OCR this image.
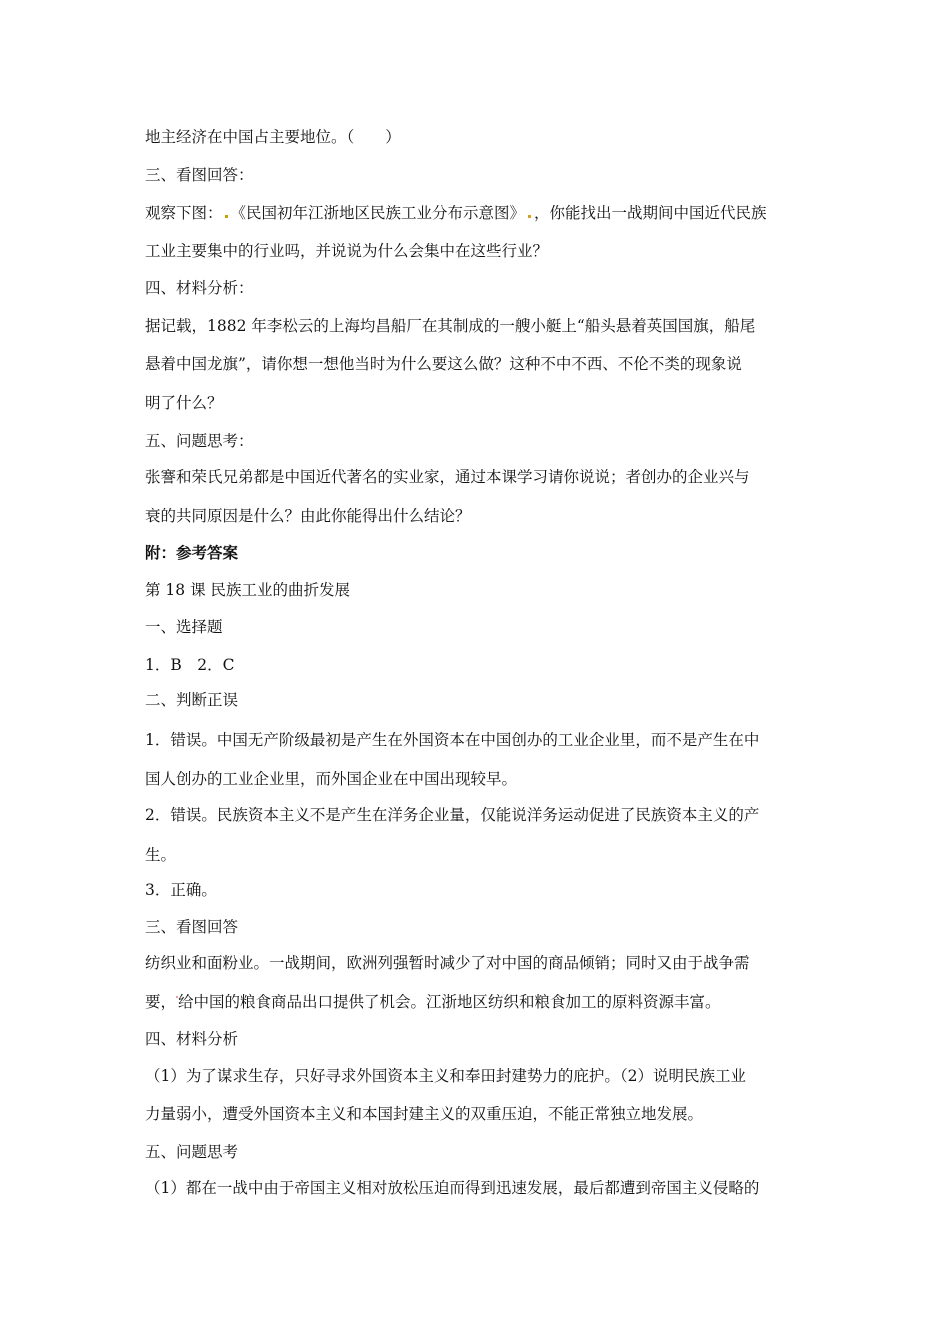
地主经济在中国占主要地位。（　　）
三、看图回答：
观察下图： 《民国初年江浙地区民族工业分布示意图》 ，你能找出一战期间中国近代民族
工业主要集中的行业吗，并说说为什么会集中在这些行业？
四、材料分析：
据记载，1882 年李松云的上海均昌船厂在其制成的一艘小艇上“船头悬着英国国旗，船尾
悬着中国龙旗”，请你想一想他当时为什么要这么做？这种不中不西、不伦不类的现象说
明了什么？
五、问题思考：
张謇和荣氏兄弟都是中国近代著名的实业家，通过本课学习请你说说；者创办的企业兴与
衰的共同原因是什么？由此你能得出什么结论？
附：参考答案
第 18 课 民族工业的曲折发展
一、选择题
1．B　2．C
二、判断正误
1．错误。中国无产阶级最初是产生在外国资本在中国创办的工业企业里，而不是产生在中
国人创办的工业企业里，而外国企业在中国出现较早。
2．错误。民族资本主义不是产生在洋务企业量，仅能说洋务运动促进了民族资本主义的产
生。
3．正确。
三、看图回答
纺织业和面粉业。一战期间，欧洲列强暂时减少了对中国的商品倾销；同时又由于战争需
要， 给中国的粮食商品出口提供了机会。江浙地区纺织和粮食加工的原料资源丰富。
四、材料分析
（1）为了谋求生存，只好寻求外国资本主义和奉田封建势力的庇护。（2）说明民族工业
力量弱小，遭受外国资本主义和本国封建主义的双重压迫，不能正常独立地发展。
五、问题思考
（1）都在一战中由于帝国主义相对放松压迫而得到迅速发展，最后都遭到帝国主义侵略的
